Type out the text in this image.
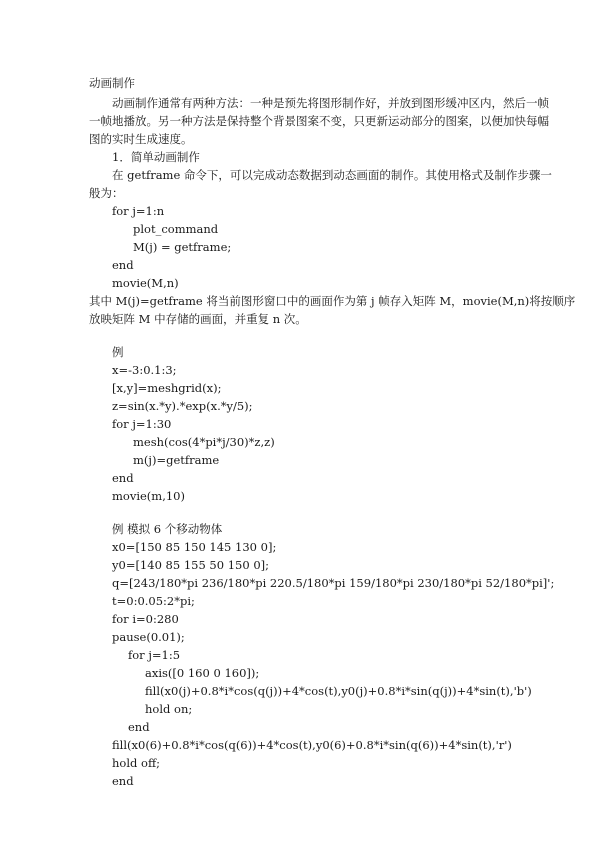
动画制作
动画制作通常有两种方法：一种是预先将图形制作好，并放到图形缓冲区内，然后一帧
一帧地播放。另一种方法是保持整个背景图案不变，只更新运动部分的图案，以便加快每幅
图的实时生成速度。
1．简单动画制作
在 getframe 命令下，可以完成动态数据到动态画面的制作。其使用格式及制作步骤一
般为：
for j=1:n
plot_command
M(j) = getframe;
end
movie(M,n)
其中 M(j)=getframe 将当前图形窗口中的画面作为第 j 帧存入矩阵 M，movie(M,n)将按顺序
放映矩阵 M 中存储的画面，并重复 n 次。
例
x=-3:0.1:3;
[x,y]=meshgrid(x);
z=sin(x.*y).*exp(x.*y/5);
for j=1:30
mesh(cos(4*pi*j/30)*z,z)
m(j)=getframe
end
movie(m,10)
例 模拟 6 个移动物体
x0=[150 85 150 145 130 0];
y0=[140 85 155 50 150 0];
q=[243/180*pi 236/180*pi 220.5/180*pi 159/180*pi 230/180*pi 52/180*pi]';
t=0:0.05:2*pi;
for i=0:280
pause(0.01);
for j=1:5
axis([0 160 0 160]);
fill(x0(j)+0.8*i*cos(q(j))+4*cos(t),y0(j)+0.8*i*sin(q(j))+4*sin(t),'b')
hold on;
end
fill(x0(6)+0.8*i*cos(q(6))+4*cos(t),y0(6)+0.8*i*sin(q(6))+4*sin(t),'r')
hold off;
end
